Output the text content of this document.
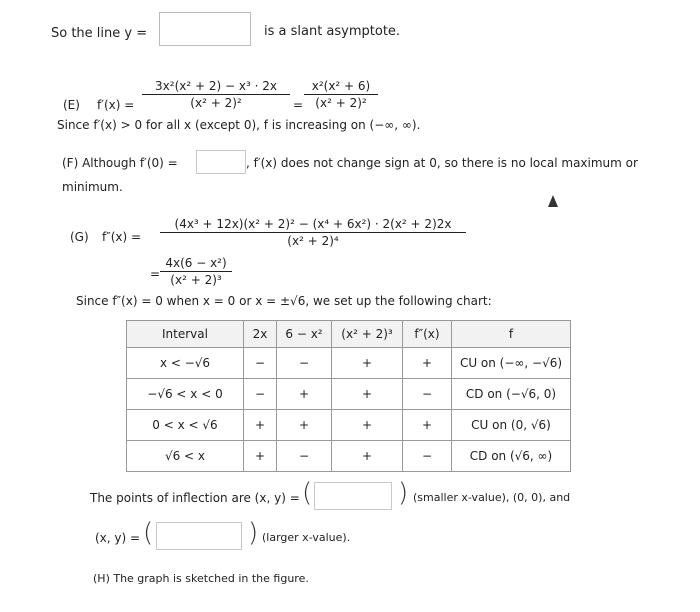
So the line y =	is a slant asymptote.
(E) $f'(x) = \frac{\text{3x²(x² + 2) − x³ · 2x}}{\text{(x² + 2)²}} = \frac{\text{x²(x² + 6)}}{\text{(x² + 2)²}}$
Since f′(x) > 0 for all x (except 0), f is increasing on (−∞, ∞).
(F) Although f′(0) =	, f′(x) does not change sign at 0, so there is no local maximum or
minimum.
(G) $f''(x) = \frac{\text{(4x³ + 12x)(x² + 2)² − (x⁴ + 6x²) · 2(x² + 2)2x}}{\text{(x² + 2)⁴}}$
= $\frac{\text{4x(6 − x²)}}{\text{(x² + 2)³}}$
Since f″(x) = 0 when x = 0 or x = ±√6, we set up the following chart:
Interval	2x	6 − x²	(x² + 2)³	f″(x)	f
x < −√6	−	−	+	+	CU on (−∞, −√6)
−√6 < x < 0	−	+	+	−	CD on (−√6, 0)
0 < x < √6	+	+	+	+	CU on (0, √6)
√6 < x	+	−	+	−	CD on (√6, ∞)
The points of inflection are (x, y) = (	) (smaller x-value), (0, 0), and
(x, y) = (	) (larger x-value).
(H) The graph is sketched in the figure.
